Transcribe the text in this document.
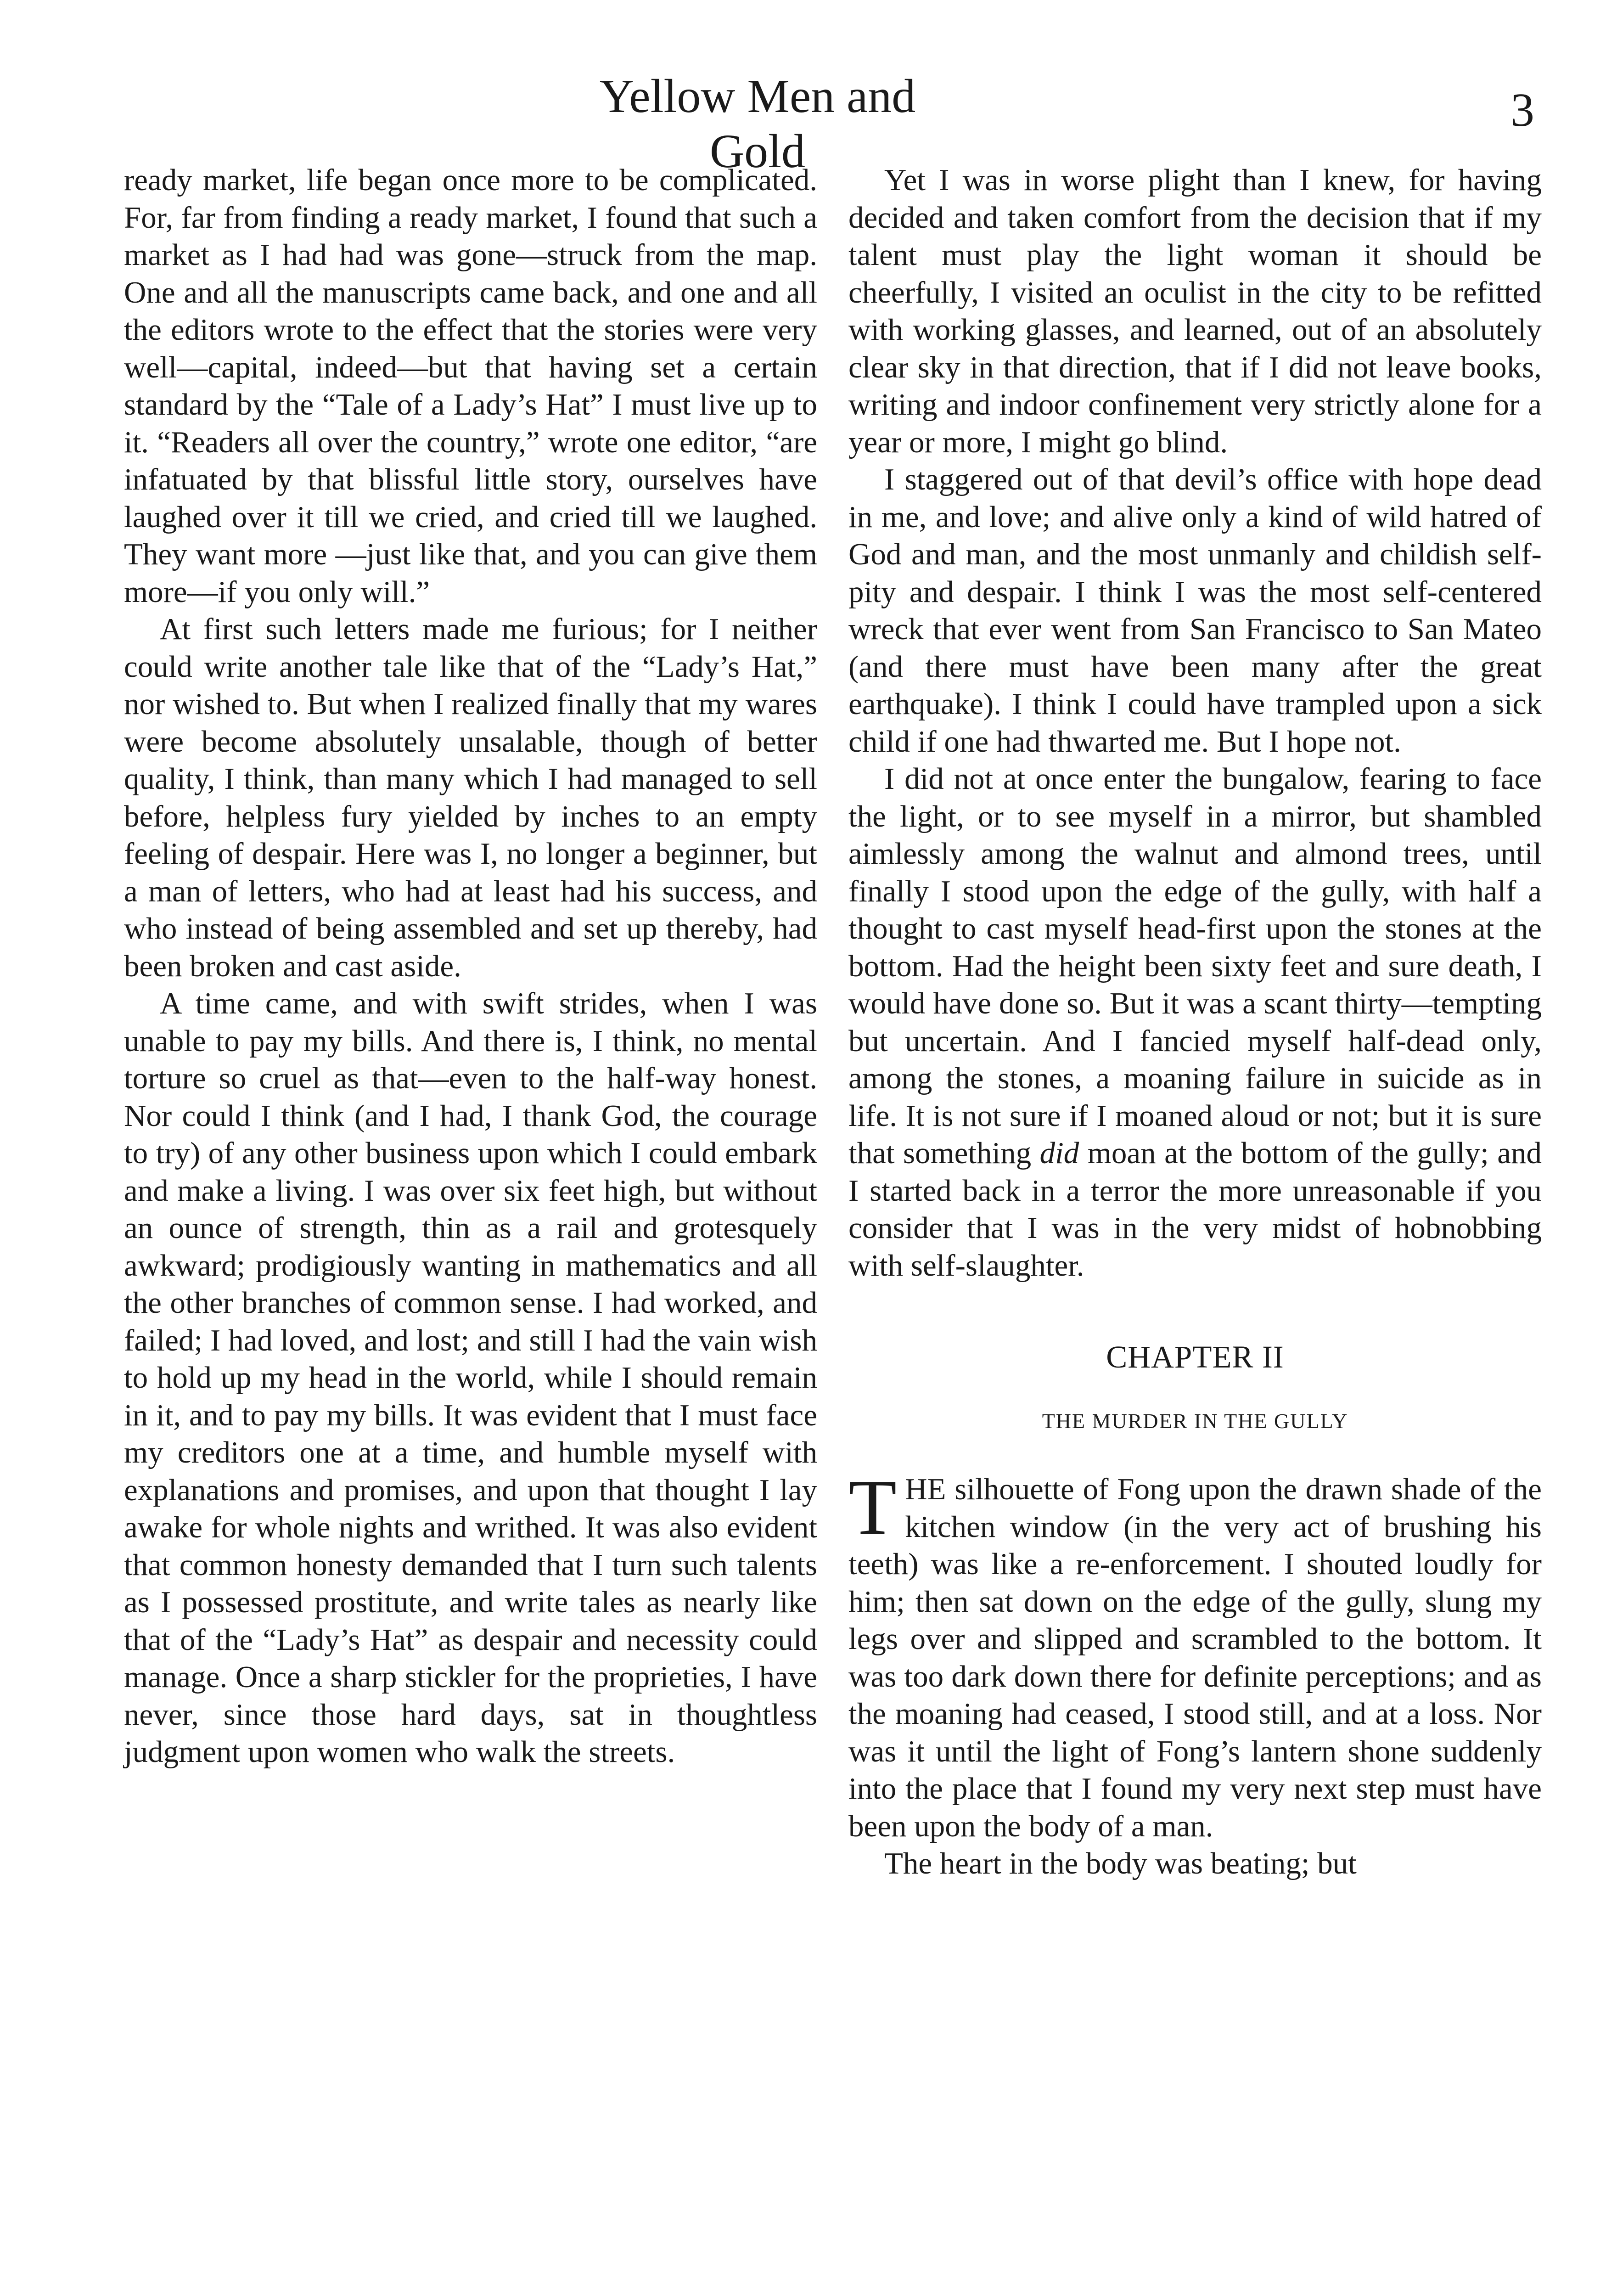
Yellow Men and Gold
3

ready market, life began once more to be complicated. For, far from finding a ready market, I found that such a market as I had had was gone—struck from the map. One and all the manuscripts came back, and one and all the editors wrote to the effect that the stories were very well—capital, indeed—but that having set a certain standard by the “Tale of a Lady’s Hat” I must live up to it. “Readers all over the country,” wrote one editor, “are infatuated by that blissful little story, ourselves have laughed over it till we cried, and cried till we laughed. They want more —just like that, and you can give them more—if you only will.”

At first such letters made me furious; for I neither could write another tale like that of the “Lady’s Hat,” nor wished to. But when I realized finally that my wares were become absolutely unsalable, though of better quality, I think, than many which I had managed to sell before, helpless fury yielded by inches to an empty feeling of despair. Here was I, no longer a beginner, but a man of letters, who had at least had his success, and who instead of being assembled and set up thereby, had been broken and cast aside.

A time came, and with swift strides, when I was unable to pay my bills. And there is, I think, no mental torture so cruel as that—even to the half-way honest. Nor could I think (and I had, I thank God, the courage to try) of any other business upon which I could embark and make a living. I was over six feet high, but without an ounce of strength, thin as a rail and grotesquely awkward; prodigiously wanting in mathematics and all the other branches of common sense. I had worked, and failed; I had loved, and lost; and still I had the vain wish to hold up my head in the world, while I should remain in it, and to pay my bills. It was evident that I must face my creditors one at a time, and humble myself with explanations and promises, and upon that thought I lay awake for whole nights and writhed. It was also evident that common honesty demanded that I turn such talents as I possessed prostitute, and write tales as nearly like that of the “Lady’s Hat” as despair and necessity could manage. Once a sharp stickler for the proprieties, I have never, since those hard days, sat in thoughtless judgment upon women who walk the streets.

Yet I was in worse plight than I knew, for having decided and taken comfort from the decision that if my talent must play the light woman it should be cheerfully, I visited an oculist in the city to be refitted with working glasses, and learned, out of an absolutely clear sky in that direction, that if I did not leave books, writing and indoor confinement very strictly alone for a year or more, I might go blind.

I staggered out of that devil’s office with hope dead in me, and love; and alive only a kind of wild hatred of God and man, and the most unmanly and childish self-pity and despair. I think I was the most self-centered wreck that ever went from San Francisco to San Mateo (and there must have been many after the great earthquake). I think I could have trampled upon a sick child if one had thwarted me. But I hope not.

I did not at once enter the bungalow, fearing to face the light, or to see myself in a mirror, but shambled aimlessly among the walnut and almond trees, until finally I stood upon the edge of the gully, with half a thought to cast myself head-first upon the stones at the bottom. Had the height been sixty feet and sure death, I would have done so. But it was a scant thirty—tempting but uncertain. And I fancied myself half-dead only, among the stones, a moaning failure in suicide as in life. It is not sure if I moaned aloud or not; but it is sure that something did moan at the bottom of the gully; and I started back in a terror the more unreasonable if you consider that I was in the very midst of hobnobbing with self-slaughter.

CHAPTER II
THE MURDER IN THE GULLY

THE silhouette of Fong upon the drawn shade of the kitchen window (in the very act of brushing his teeth) was like a re-enforcement. I shouted loudly for him; then sat down on the edge of the gully, slung my legs over and slipped and scrambled to the bottom. It was too dark down there for definite perceptions; and as the moaning had ceased, I stood still, and at a loss. Nor was it until the light of Fong’s lantern shone suddenly into the place that I found my very next step must have been upon the body of a man.

The heart in the body was beating; but
